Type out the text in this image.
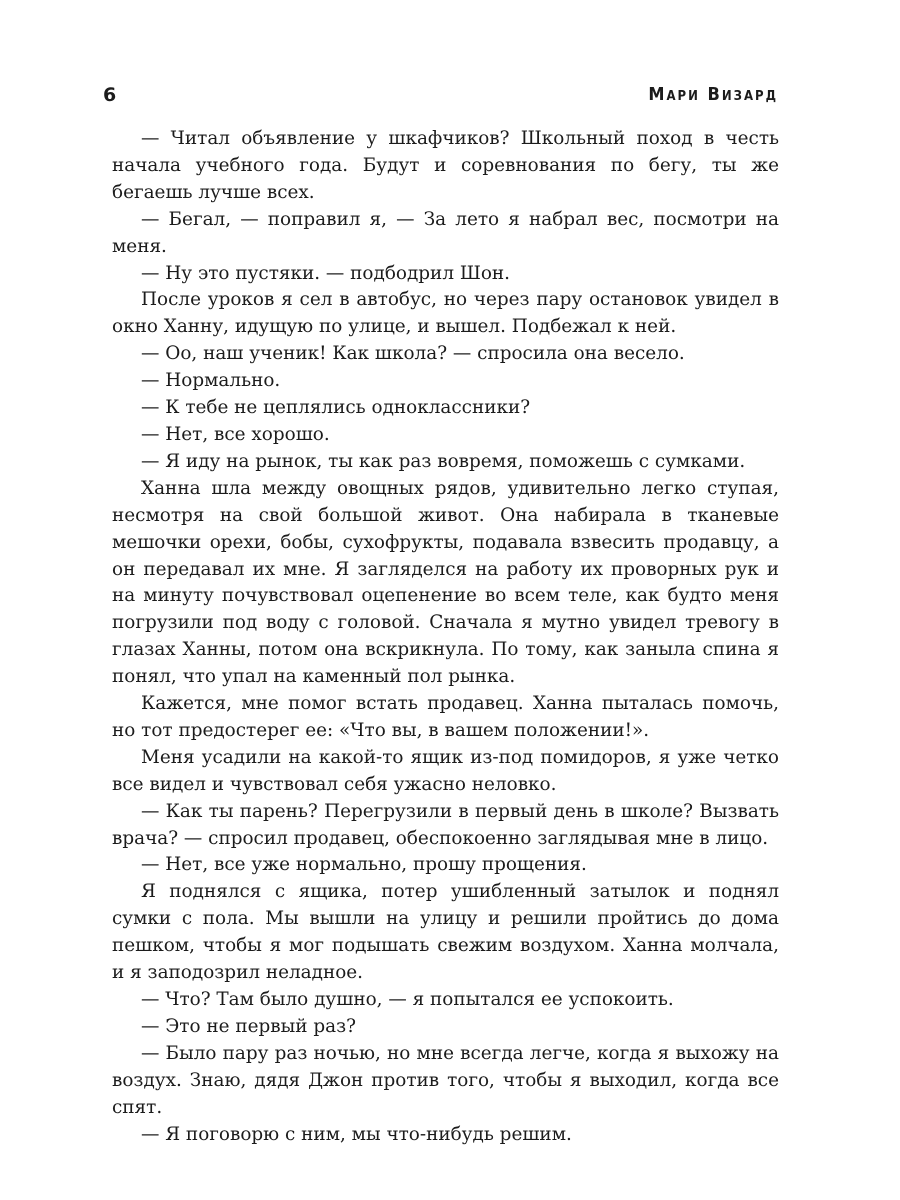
6	Мари Визард

— Читал объявление у шкафчиков? Школьный поход в честь начала учебного года. Будут и соревнования по бегу, ты же бегаешь лучше всех.

— Бегал, — поправил я, — За лето я набрал вес, посмотри на меня.

— Ну это пустяки. — подбодрил Шон.

После уроков я сел в автобус, но через пару остановок увидел в окно Ханну, идущую по улице, и вышел. Подбежал к ней.

— Оо, наш ученик! Как школа? — спросила она весело.

— Нормально.

— К тебе не цеплялись одноклассники?

— Нет, все хорошо.

— Я иду на рынок, ты как раз вовремя, поможешь с сумками.

Ханна шла между овощных рядов, удивительно легко ступая, несмотря на свой большой живот. Она набирала в тканевые мешочки орехи, бобы, сухофрукты, подавала взвесить продавцу, а он передавал их мне. Я загляделся на работу их проворных рук и на минуту почувствовал оцепенение во всем теле, как будто меня погрузили под воду с головой. Сначала я мутно увидел тревогу в глазах Ханны, потом она вскрикнула. По тому, как заныла спина я понял, что упал на каменный пол рынка.

Кажется, мне помог встать продавец. Ханна пыталась помочь, но тот предостерег ее: «Что вы, в вашем положении!».

Меня усадили на какой-то ящик из-под помидоров, я уже четко все видел и чувствовал себя ужасно неловко.

— Как ты парень? Перегрузили в первый день в школе? Вызвать врача? — спросил продавец, обеспокоенно заглядывая мне в лицо.

— Нет, все уже нормально, прошу прощения.

Я поднялся с ящика, потер ушибленный затылок и поднял сумки с пола. Мы вышли на улицу и решили пройтись до дома пешком, чтобы я мог подышать свежим воздухом. Ханна молчала, и я заподозрил неладное.

— Что? Там было душно, — я попытался ее успокоить.

— Это не первый раз?

— Было пару раз ночью, но мне всегда легче, когда я выхожу на воздух. Знаю, дядя Джон против того, чтобы я выходил, когда все спят.

— Я поговорю с ним, мы что-нибудь решим.
